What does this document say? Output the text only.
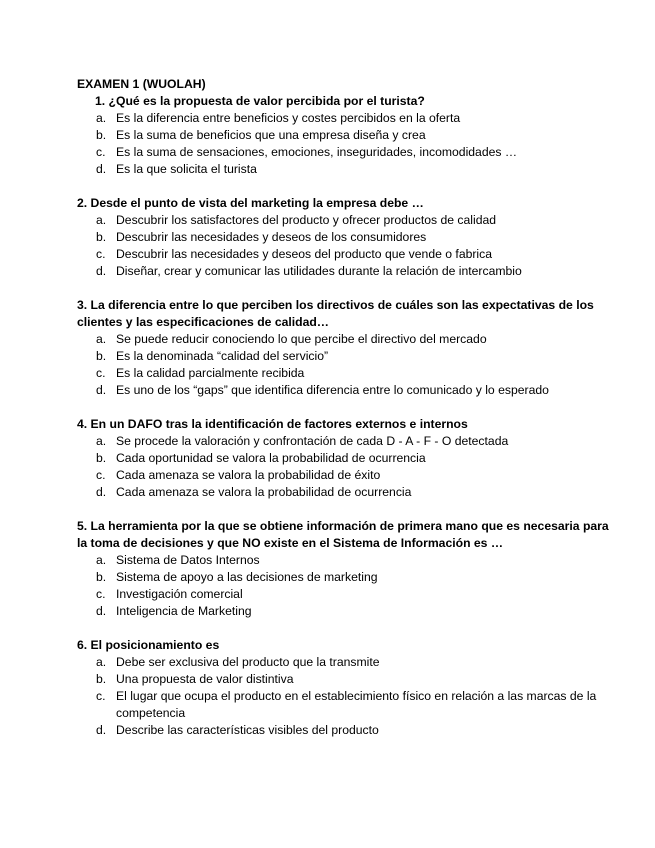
EXAMEN 1 (WUOLAH)

1. ¿Qué es la propuesta de valor percibida por el turista?

a. Es la diferencia entre beneficios y costes percibidos en la oferta
b. Es la suma de beneficios que una empresa diseña y crea
c. Es la suma de sensaciones, emociones, inseguridades, incomodidades …
d. Es la que solicita el turista

2. Desde el punto de vista del marketing la empresa debe …

a. Descubrir los satisfactores del producto y ofrecer productos de calidad
b. Descubrir las necesidades y deseos de los consumidores
c. Descubrir las necesidades y deseos del producto que vende o fabrica
d. Diseñar, crear y comunicar las utilidades durante la relación de intercambio

3. La diferencia entre lo que perciben los directivos de cuáles son las expectativas de los clientes y las especificaciones de calidad…

a. Se puede reducir conociendo lo que percibe el directivo del mercado
b. Es la denominada “calidad del servicio”
c. Es la calidad parcialmente recibida
d. Es uno de los “gaps” que identifica diferencia entre lo comunicado y lo esperado

4. En un DAFO tras la identificación de factores externos e internos

a. Se procede la valoración y confrontación de cada D - A - F - O detectada
b. Cada oportunidad se valora la probabilidad de ocurrencia
c. Cada amenaza se valora la probabilidad de éxito
d. Cada amenaza se valora la probabilidad de ocurrencia

5. La herramienta por la que se obtiene información de primera mano que es necesaria para la toma de decisiones y que NO existe en el Sistema de Información es …

a. Sistema de Datos Internos
b. Sistema de apoyo a las decisiones de marketing
c. Investigación comercial
d. Inteligencia de Marketing

6. El posicionamiento es

a. Debe ser exclusiva del producto que la transmite
b. Una propuesta de valor distintiva
c. El lugar que ocupa el producto en el establecimiento físico en relación a las marcas de la competencia
d. Describe las características visibles del producto
